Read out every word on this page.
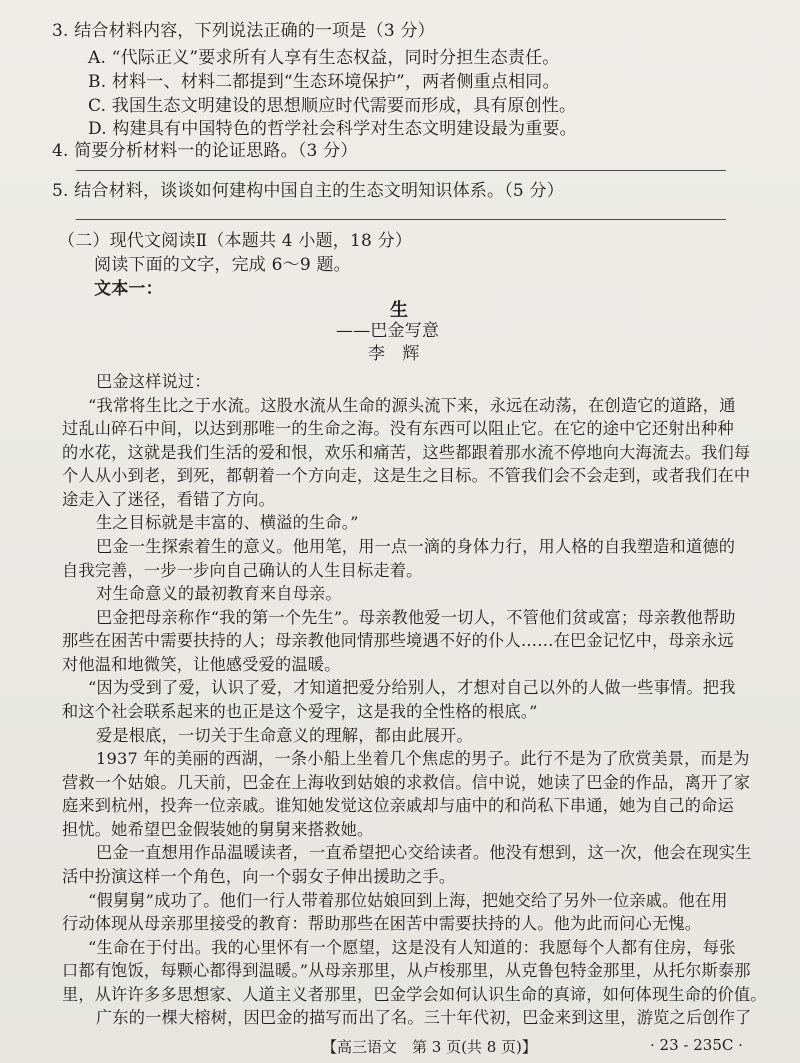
3. 结合材料内容，下列说法正确的一项是（3 分）
A. “代际正义”要求所有人享有生态权益，同时分担生态责任。
B. 材料一、材料二都提到“生态环境保护”，两者侧重点相同。
C. 我国生态文明建设的思想顺应时代需要而形成，具有原创性。
D. 构建具有中国特色的哲学社会科学对生态文明建设最为重要。
4. 简要分析材料一的论证思路。（3 分）
5. 结合材料，谈谈如何建构中国自主的生态文明知识体系。（5 分）
（二）现代文阅读Ⅱ（本题共 4 小题，18 分）
阅读下面的文字，完成 6～9 题。
文本一：
生
——巴金写意
李　辉
巴金这样说过：
“我常将生比之于水流。这股水流从生命的源头流下来，永远在动荡，在创造它的道路，通
过乱山碎石中间，以达到那唯一的生命之海。没有东西可以阻止它。在它的途中它还射出种种
的水花，这就是我们生活的爱和恨，欢乐和痛苦，这些都跟着那水流不停地向大海流去。我们每
个人从小到老，到死，都朝着一个方向走，这是生之目标。不管我们会不会走到，或者我们在中
途走入了迷径，看错了方向。
生之目标就是丰富的、横溢的生命。”
巴金一生探索着生的意义。他用笔，用一点一滴的身体力行，用人格的自我塑造和道德的
自我完善，一步一步向自己确认的人生目标走着。
对生命意义的最初教育来自母亲。
巴金把母亲称作“我的第一个先生”。母亲教他爱一切人，不管他们贫或富；母亲教他帮助
那些在困苦中需要扶持的人；母亲教他同情那些境遇不好的仆人……在巴金记忆中，母亲永远
对他温和地微笑，让他感受爱的温暖。
“因为受到了爱，认识了爱，才知道把爱分给别人，才想对自己以外的人做一些事情。把我
和这个社会联系起来的也正是这个爱字，这是我的全性格的根底。”
爱是根底，一切关于生命意义的理解，都由此展开。
1937 年的美丽的西湖，一条小船上坐着几个焦虑的男子。此行不是为了欣赏美景，而是为
营救一个姑娘。几天前，巴金在上海收到姑娘的求救信。信中说，她读了巴金的作品，离开了家
庭来到杭州，投奔一位亲戚。谁知她发觉这位亲戚却与庙中的和尚私下串通，她为自己的命运
担忧。她希望巴金假装她的舅舅来搭救她。
巴金一直想用作品温暖读者，一直希望把心交给读者。他没有想到，这一次，他会在现实生
活中扮演这样一个角色，向一个弱女子伸出援助之手。
“假舅舅”成功了。他们一行人带着那位姑娘回到上海，把她交给了另外一位亲戚。他在用
行动体现从母亲那里接受的教育：帮助那些在困苦中需要扶持的人。他为此而问心无愧。
“生命在于付出。我的心里怀有一个愿望，这是没有人知道的：我愿每个人都有住房，每张
口都有饱饭，每颗心都得到温暖。”从母亲那里，从卢梭那里，从克鲁包特金那里，从托尔斯泰那
里，从许许多多思想家、人道主义者那里，巴金学会如何认识生命的真谛，如何体现生命的价值。
广东的一棵大榕树，因巴金的描写而出了名。三十年代初，巴金来到这里，游览之后创作了
【高三语文　第 3 页(共 8 页)】	· 23 - 235C ·
